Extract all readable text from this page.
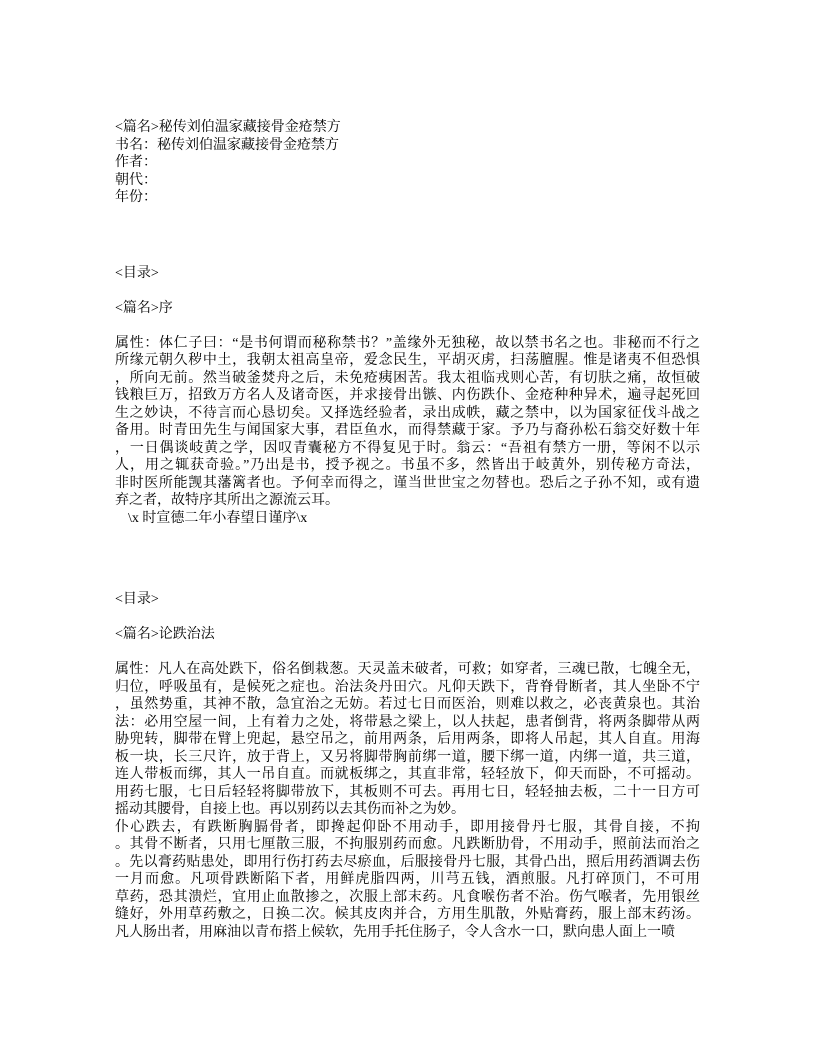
<篇名>秘传刘伯温家藏接骨金疮禁方
书名：秘传刘伯温家藏接骨金疮禁方
作者：
朝代：
年份：
<目录>
<篇名>序
属性：体仁子曰：“是书何谓而秘称禁书？”盖缘外无独秘，故以禁书名之也。非秘而不行之
所缘元朝久秽中土，我朝太祖高皇帝，爱念民生，平胡灭虏，扫荡膻腥。惟是诸夷不但恐惧
，所向无前。然当破釜焚舟之后，未免疮痍困苦。我太祖临戎则心苦，有切肤之痛，故恒破
钱粮巨万，招致万方名人及诸奇医，并求接骨出镞、内伤跌仆、金疮种种异术，遍寻起死回
生之妙诀，不待言而心恳切矣。又择选经验者，录出成帙，藏之禁中，以为国家征伐斗战之
备用。时青田先生与闻国家大事，君臣鱼水，而得禁藏于家。予乃与裔孙松石翁交好数十年
，一日偶谈岐黄之学，因叹青囊秘方不得复见于时。翁云：“吾祖有禁方一册，等闲不以示
人，用之辄获奇验。”乃出是书，授予视之。书虽不多，然皆出于岐黄外，别传秘方奇法，
非时医所能觊其藩篱者也。予何幸而得之，谨当世世宝之勿替也。恐后之子孙不知，或有遗
弃之者，故特序其所出之源流云耳。
\x 时宣德二年小春望日谨序\x
<目录>
<篇名>论跌治法
属性：凡人在高处跌下，俗名倒栽葱。天灵盖未破者，可救；如穿者，三魂已散，七魄全无，
归位，呼吸虽有，是候死之症也。治法灸丹田穴。凡仰天跌下，背脊骨断者，其人坐卧不宁
，虽然势重，其神不散，急宜治之无妨。若过七日而医治，则难以救之，必丧黄泉也。其治
法：必用空屋一间，上有着力之处，将带悬之梁上，以人扶起，患者倒背，将两条脚带从两
胁兜转，脚带在臂上兜起，悬空吊之，前用两条，后用两条，即将人吊起，其人自直。用海
板一块，长三尺许，放于背上，又另将脚带胸前绑一道，腰下绑一道，内绑一道，共三道，
连人带板而绑，其人一吊自直。而就板绑之，其直非常，轻轻放下，仰天而卧，不可摇动。
用药七服，七日后轻轻将脚带放下，其板则不可去。再用七日，轻轻抽去板，二十一日方可
摇动其腰骨，自接上也。再以别药以去其伤而补之为妙。
仆心跌去，有跌断胸膈骨者，即搀起仰卧不用动手，即用接骨丹七服，其骨自接，不拘
。其骨不断者，只用七厘散三服，不拘服别药而愈。凡跌断肋骨，不用动手，照前法而治之
。先以膏药贴患处，即用行伤打药去尽瘀血，后服接骨丹七服，其骨凸出，照后用药酒调去伤
一月而愈。凡项骨跌断陷下者，用鲜虎脂四两，川芎五钱，酒煎服。凡打碎顶门，不可用
草药，恐其溃烂，宜用止血散掺之，次服上部末药。凡食喉伤者不治。伤气喉者，先用银丝
缝好，外用草药敷之，日换二次。候其皮肉并合，方用生肌散，外贴膏药，服上部末药汤。
凡人肠出者，用麻油以青布搭上候软，先用手托住肠子，令人含水一口，默向患人面上一喷
